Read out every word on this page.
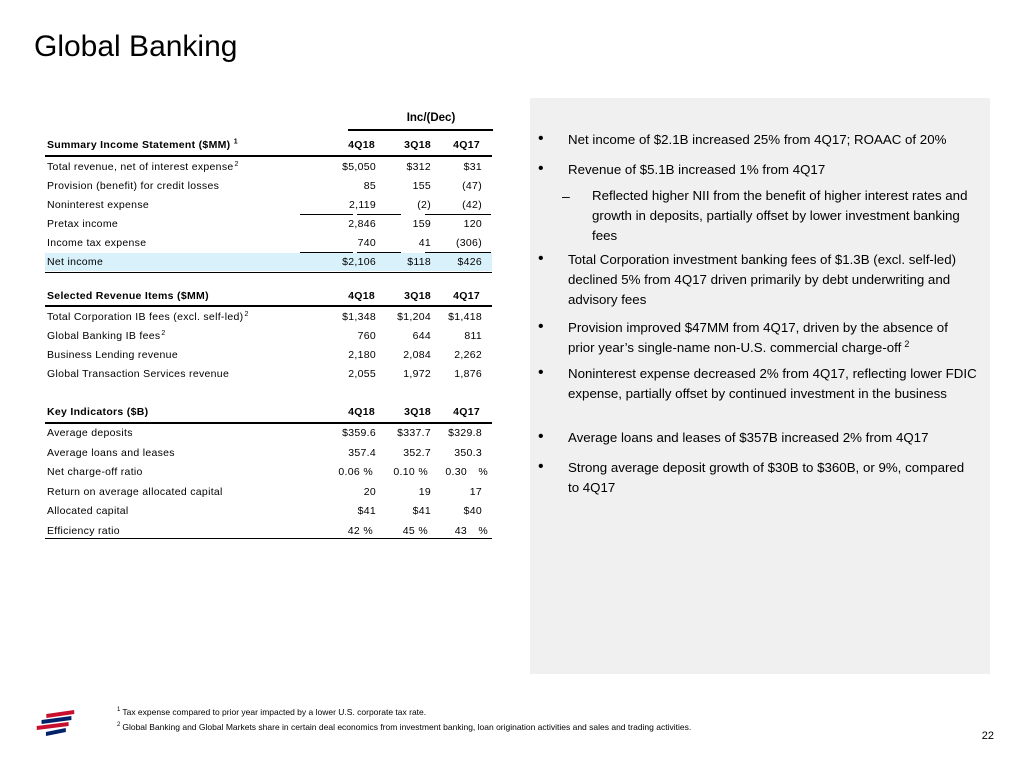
Global Banking
Inc/(Dec)
Summary Income Statement ($MM) $^1$	4Q18	3Q18 4Q17
Total revenue, net of interest expense$^2$	$5,050	$312	$31
Provision (benefit) for credit losses	85	155	(47)
Noninterest expense	2,119	(2)	(42)
Pretax income	2,846	159	120
Income tax expense	740	41 (306)
Net income	$2,106	$118	$426
Selected Revenue Items ($MM)	4Q18	3Q18 4Q17
Total Corporation IB fees (excl. self-led)$^2$	$1,348 $1,204 $1,418
Global Banking IB fees$^2$	760	644	811
Business Lending revenue	2,180	2,084 2,262
Global Transaction Services revenue	2,055	1,972 1,876
Key Indicators ($B)	4Q18	3Q18 4Q17
Average deposits	$359.6 $337.7 $329.8
Average loans and leases	357.4	352.7 350.3
Net charge-off ratio	0.06 % 0.10 % 0.30 %
Return on average allocated capital	20	19	17
Allocated capital	$41	$41	$40
Efficiency ratio	42 %	45 %	43 %
• Net income of $2.1B increased 25% from 4Q17; ROAAC of 20%
• Revenue of $5.1B increased 1% from 4Q17
– Reflected higher NII from the benefit of higher interest rates and growth in deposits, partially offset by lower investment banking fees
• Total Corporation investment banking fees of $1.3B (excl. self-led) declined 5% from 4Q17 driven primarily by debt underwriting and advisory fees
• Provision improved $47MM from 4Q17, driven by the absence of prior year’s single-name non-U.S. commercial charge-off $^2$
• Noninterest expense decreased 2% from 4Q17, reflecting lower FDIC expense, partially offset by continued investment in the business
• Average loans and leases of $357B increased 2% from 4Q17
• Strong average deposit growth of $30B to $360B, or 9%, compared to 4Q17
$^1$ Tax expense compared to prior year impacted by a lower U.S. corporate tax rate.
$^2$ Global Banking and Global Markets share in certain deal economics from investment banking, loan origination activities and sales and trading activities.
22
